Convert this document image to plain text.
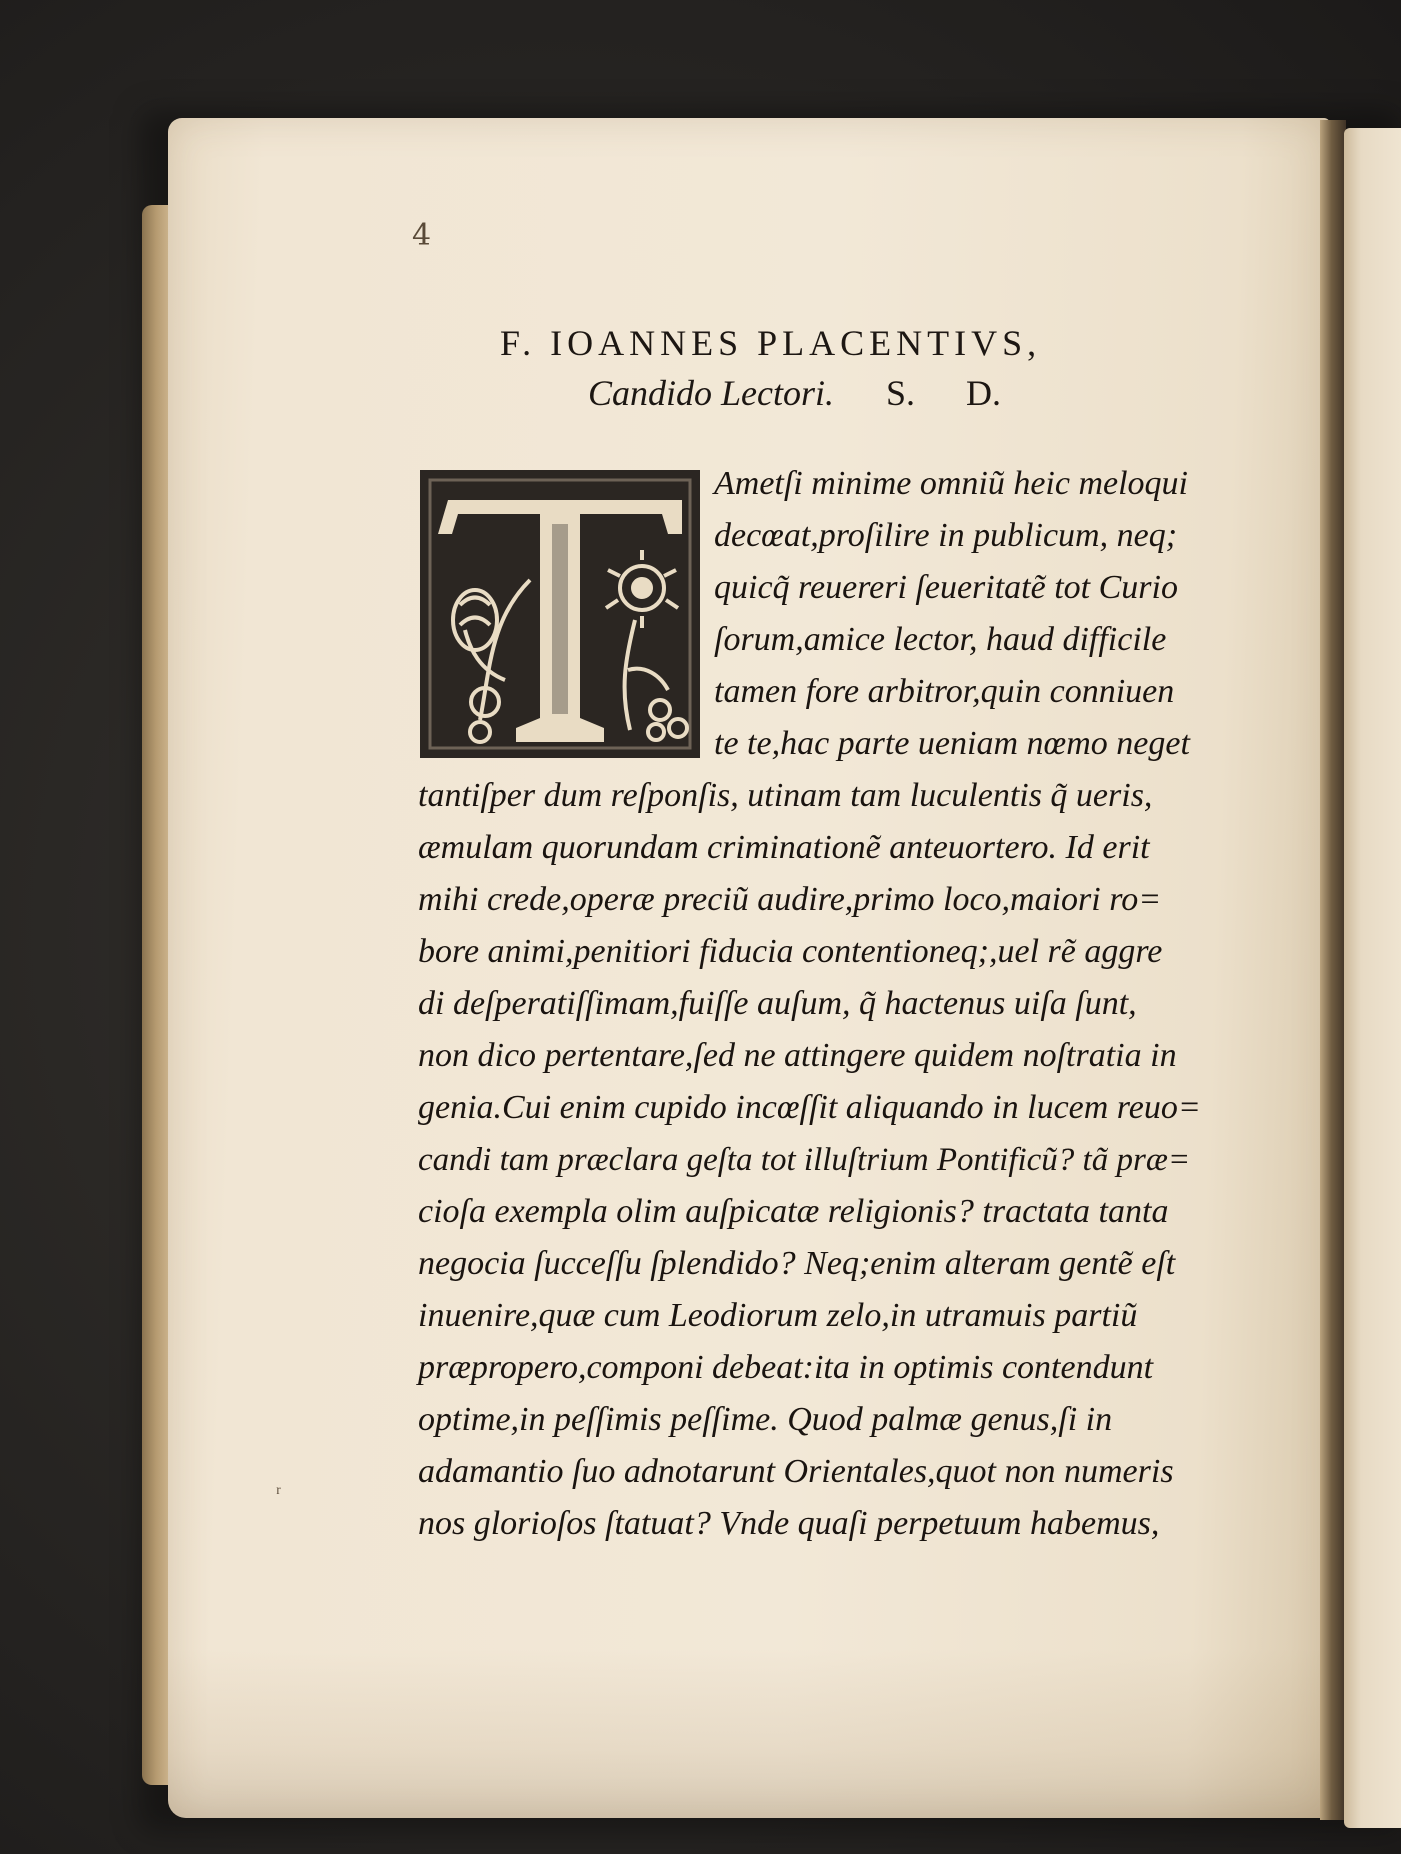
4
F. IOANNES PLACENTIVS,
Candido Lectori. S. D.
Ametſi minime omniũ heic meloqui
decœat,proſilire in publicum, neq;
quicq̃ reuereri ſeueritatẽ tot Curio
ſorum,amice lector, haud difficile
tamen fore arbitror,quin conniuen
te te,hac parte ueniam nœmo neget
tantiſper dum reſponſis, utinam tam luculentis q̃ ueris,
æmulam quorundam criminationẽ anteuortero. Id erit
mihi crede,operæ preciũ audire,primo loco,maiori ro=
bore animi,penitiori fiducia contentioneq;,uel rẽ aggre
di deſperatiſſimam,fuiſſe auſum, q̃ hactenus uiſa ſunt,
non dico pertentare,ſed ne attingere quidem noſtratia in
genia.Cui enim cupido incœſſit aliquando in lucem reuo=
candi tam præclara geſta tot illuſtrium Pontificũ? tã præ=
cioſa exempla olim auſpicatæ religionis? tractata tanta
negocia ſucceſſu ſplendido? Neq;enim alteram gentẽ eſt
inuenire,quæ cum Leodiorum zelo,in utramuis partiũ
præpropero,componi debeat:ita in optimis contendunt
optime,in peſſimis peſſime. Quod palmæ genus,ſi in
adamantio ſuo adnotarunt Orientales,quot non numeris
nos glorioſos ſtatuat? Vnde quaſi perpetuum habemus,
ʳ
